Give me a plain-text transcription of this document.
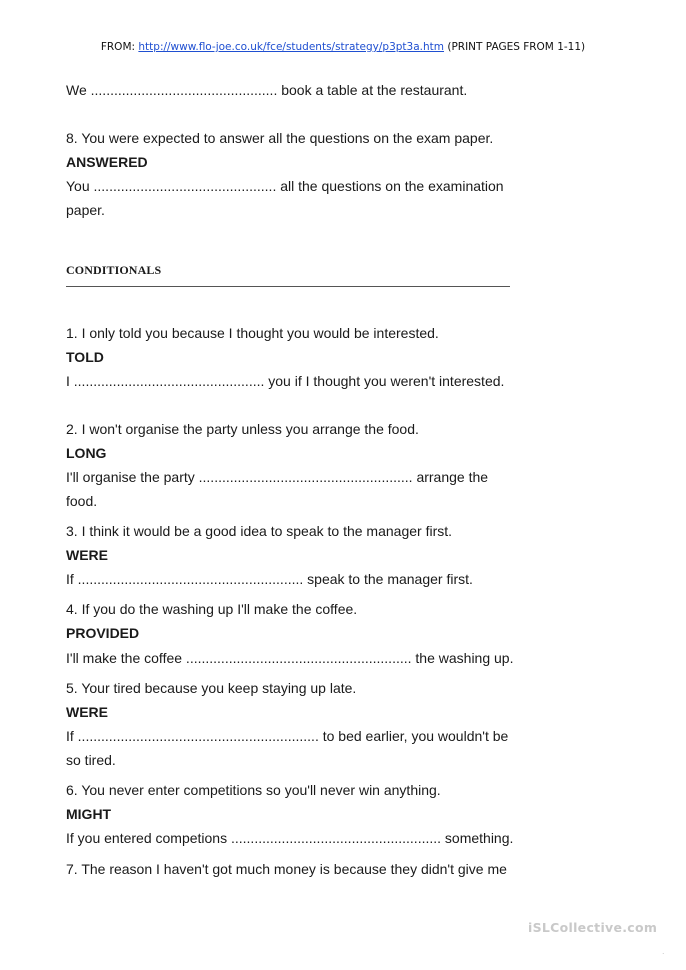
FROM: http://www.flo-joe.co.uk/fce/students/strategy/p3pt3a.htm (PRINT PAGES FROM 1-11)
We ................................................ book a table at the restaurant.
8. You were expected to answer all the questions on the exam paper.
ANSWERED
You ............................................... all the questions on the examination
paper.
CONDITIONALS
1. I only told you because I thought you would be interested.
TOLD
I ................................................. you if I thought you weren't interested.
2. I won't organise the party unless you arrange the food.
LONG
I'll organise the party ....................................................... arrange the
food.
3. I think it would be a good idea to speak to the manager first.
WERE
If .......................................................... speak to the manager first.
4. If you do the washing up I'll make the coffee.
PROVIDED
I'll make the coffee .......................................................... the washing up.
5. Your tired because you keep staying up late.
WERE
If .............................................................. to bed earlier, you wouldn't be
so tired.
6. You never enter competitions so you'll never win anything.
MIGHT
If you entered competions ...................................................... something.
7. The reason I haven't got much money is because they didn't give me
iSLCollective.com
.
